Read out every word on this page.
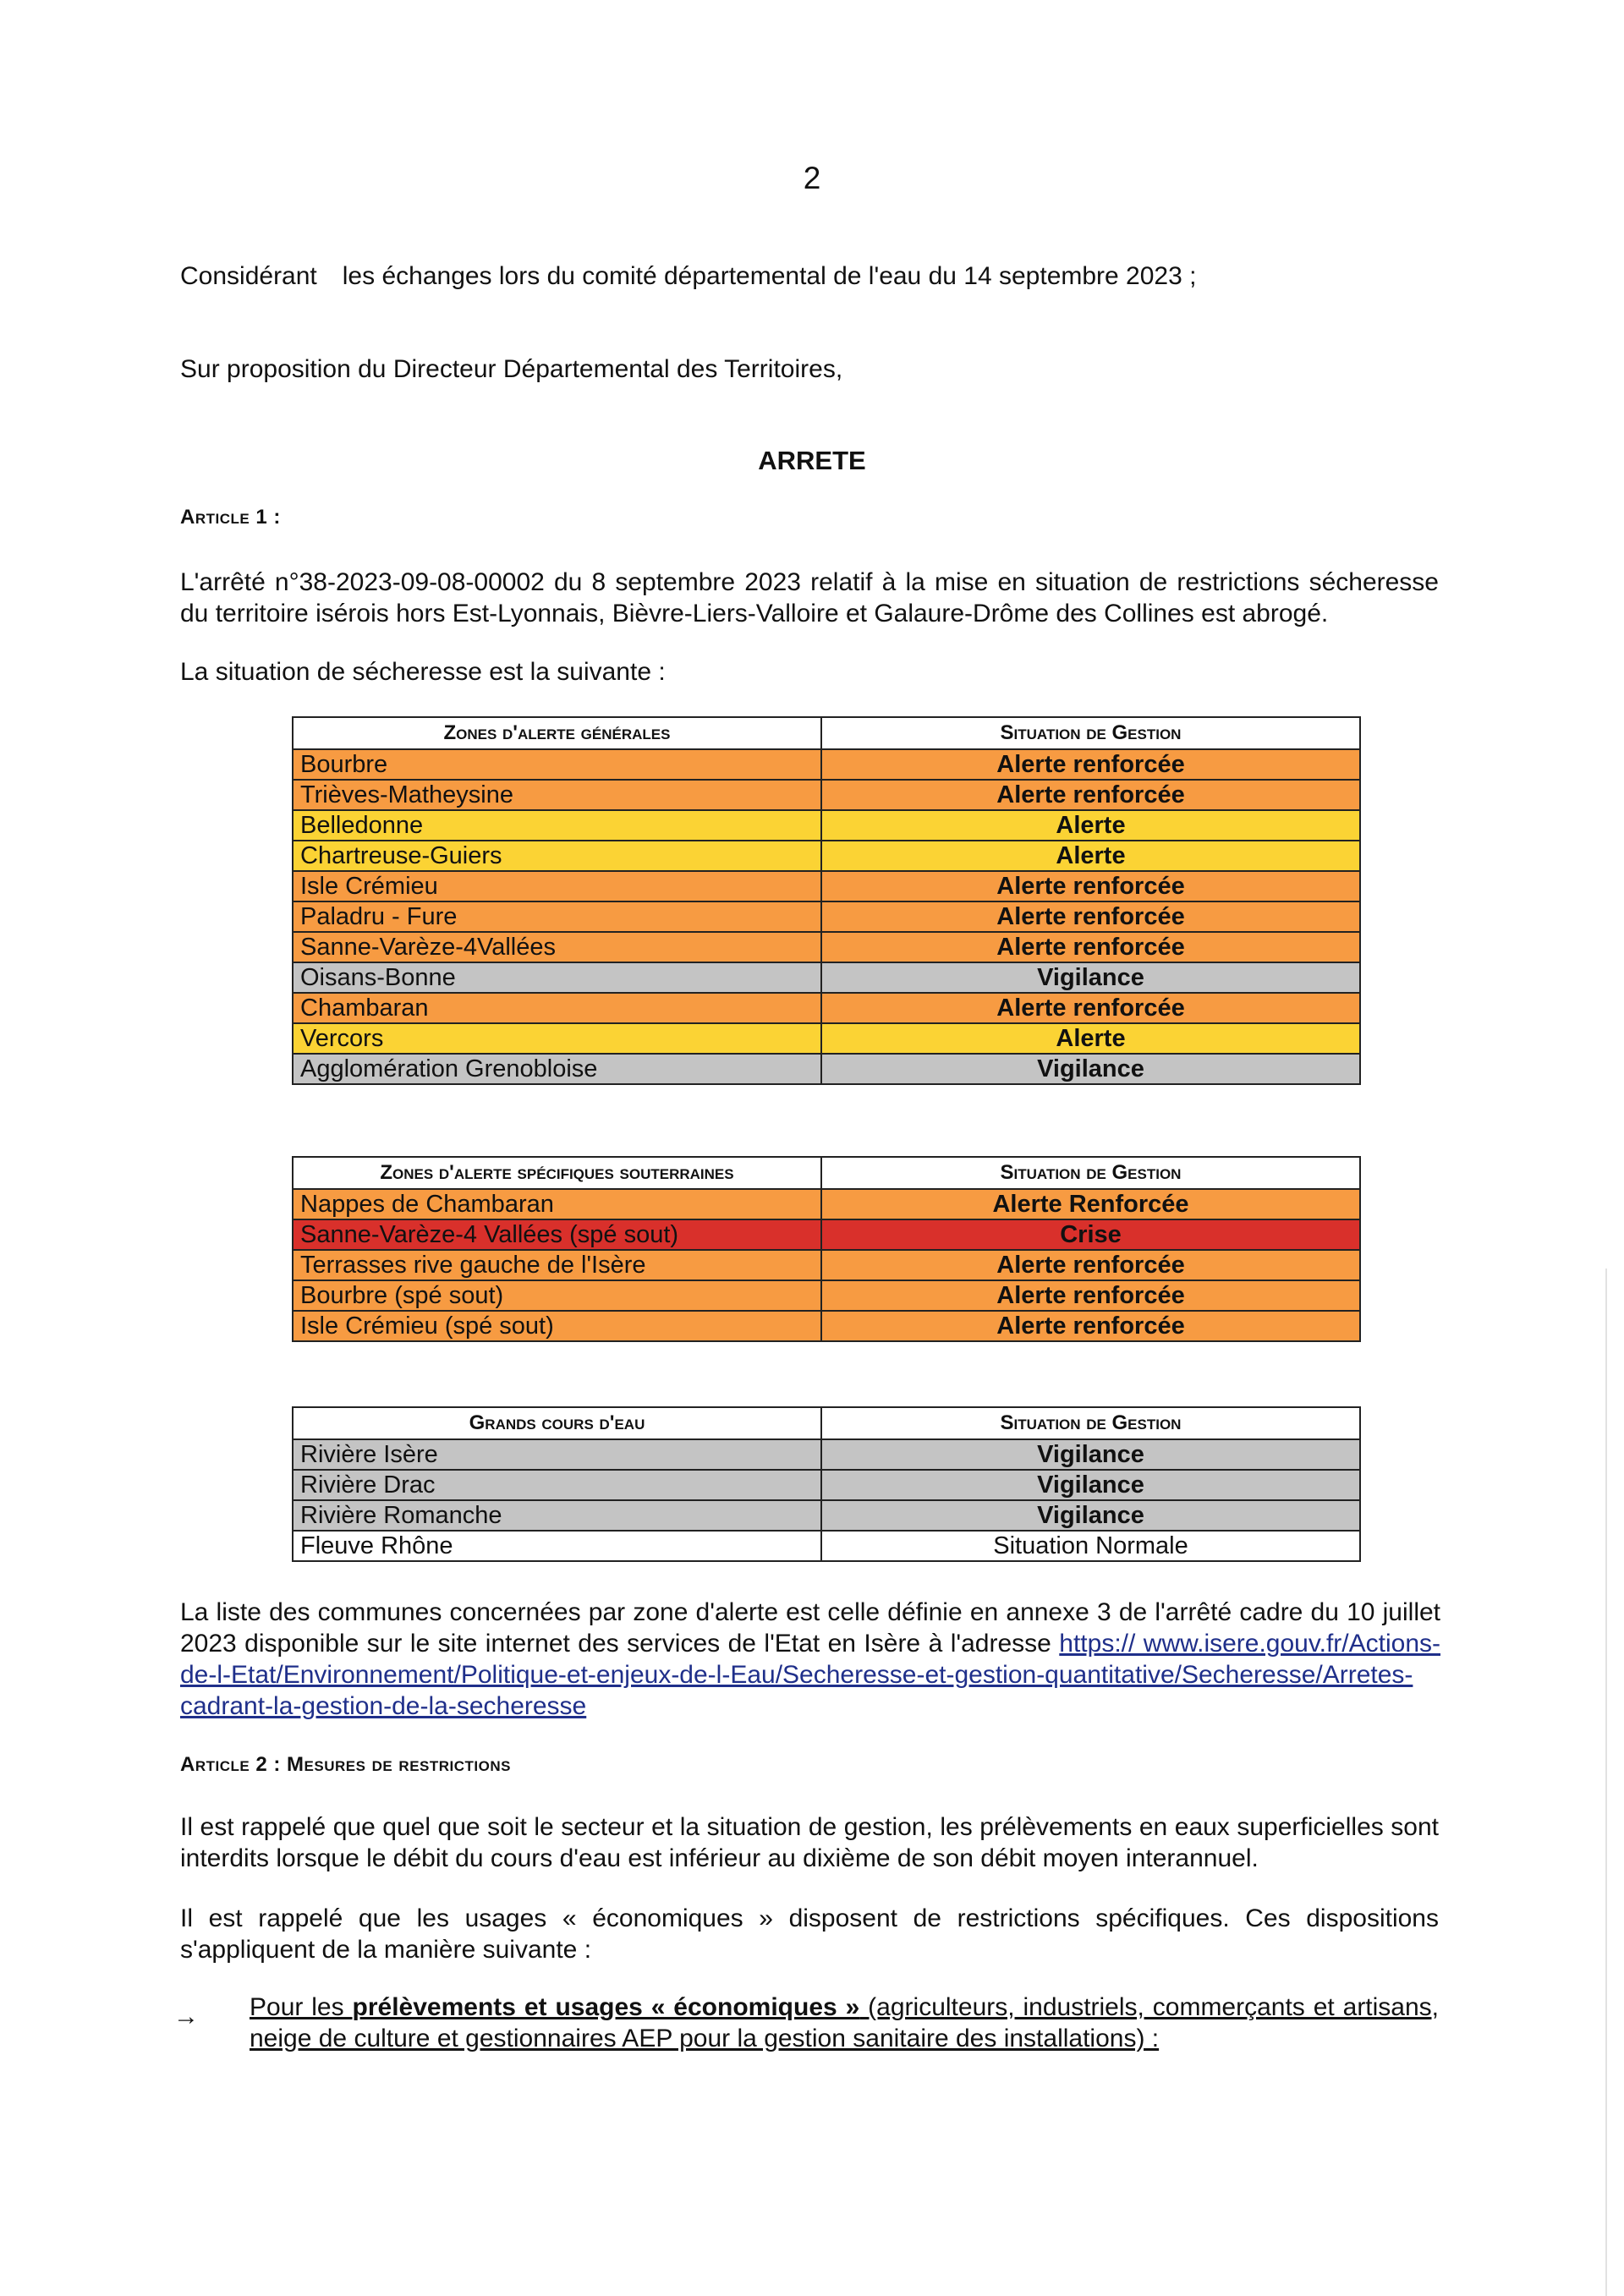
2

Considérant les échanges lors du comité départemental de l'eau du 14 septembre 2023 ;

Sur proposition du Directeur Départemental des Territoires,

ARRETE
Article 1 :

L'arrêté n°38-2023-09-08-00002 du 8 septembre 2023 relatif à la mise en situation de restrictions sécheresse du territoire isérois hors Est-Lyonnais, Bièvre-Liers-Valloire et Galaure-Drôme des Collines est abrogé.

La situation de sécheresse est la suivante :

Zones d'alerte générales	Situation de Gestion
Bourbre	Alerte renforcée
Trièves-Matheysine	Alerte renforcée
Belledonne	Alerte
Chartreuse-Guiers	Alerte
Isle Crémieu	Alerte renforcée
Paladru - Fure	Alerte renforcée
Sanne-Varèze-4Vallées	Alerte renforcée
Oisans-Bonne	Vigilance
Chambaran	Alerte renforcée
Vercors	Alerte
Agglomération Grenobloise	Vigilance
Zones d'alerte spécifiques souterraines	Situation de Gestion
Nappes de Chambaran	Alerte Renforcée
Sanne-Varèze-4 Vallées (spé sout)	Crise
Terrasses rive gauche de l'Isère	Alerte renforcée
Bourbre (spé sout)	Alerte renforcée
Isle Crémieu (spé sout)	Alerte renforcée
Grands cours d'eau	Situation de Gestion
Rivière Isère	Vigilance
Rivière Drac	Vigilance
Rivière Romanche	Vigilance
Fleuve Rhône	Situation Normale

La liste des communes concernées par zone d'alerte est celle définie en annexe 3 de l'arrêté cadre du 10 juillet 2023 disponible sur le site internet des services de l'Etat en Isère à l'adresse https:// www.isere.gouv.fr/Actions-de-l-Etat/Environnement/Politique-et-enjeux-de-l-Eau/Secheresse-et-gestion-quantitative/Secheresse/Arretes-cadrant-la-gestion-de-la-secheresse

Article 2 : Mesures de restrictions

Il est rappelé que quel que soit le secteur et la situation de gestion, les prélèvements en eaux superficielles sont interdits lorsque le débit du cours d'eau est inférieur au dixième de son débit moyen interannuel.

Il est rappelé que les usages « économiques » disposent de restrictions spécifiques. Ces dispositions s'appliquent de la manière suivante :

→ Pour les prélèvements et usages « économiques » (agriculteurs, industriels, commerçants et artisans, neige de culture et gestionnaires AEP pour la gestion sanitaire des installations) :
